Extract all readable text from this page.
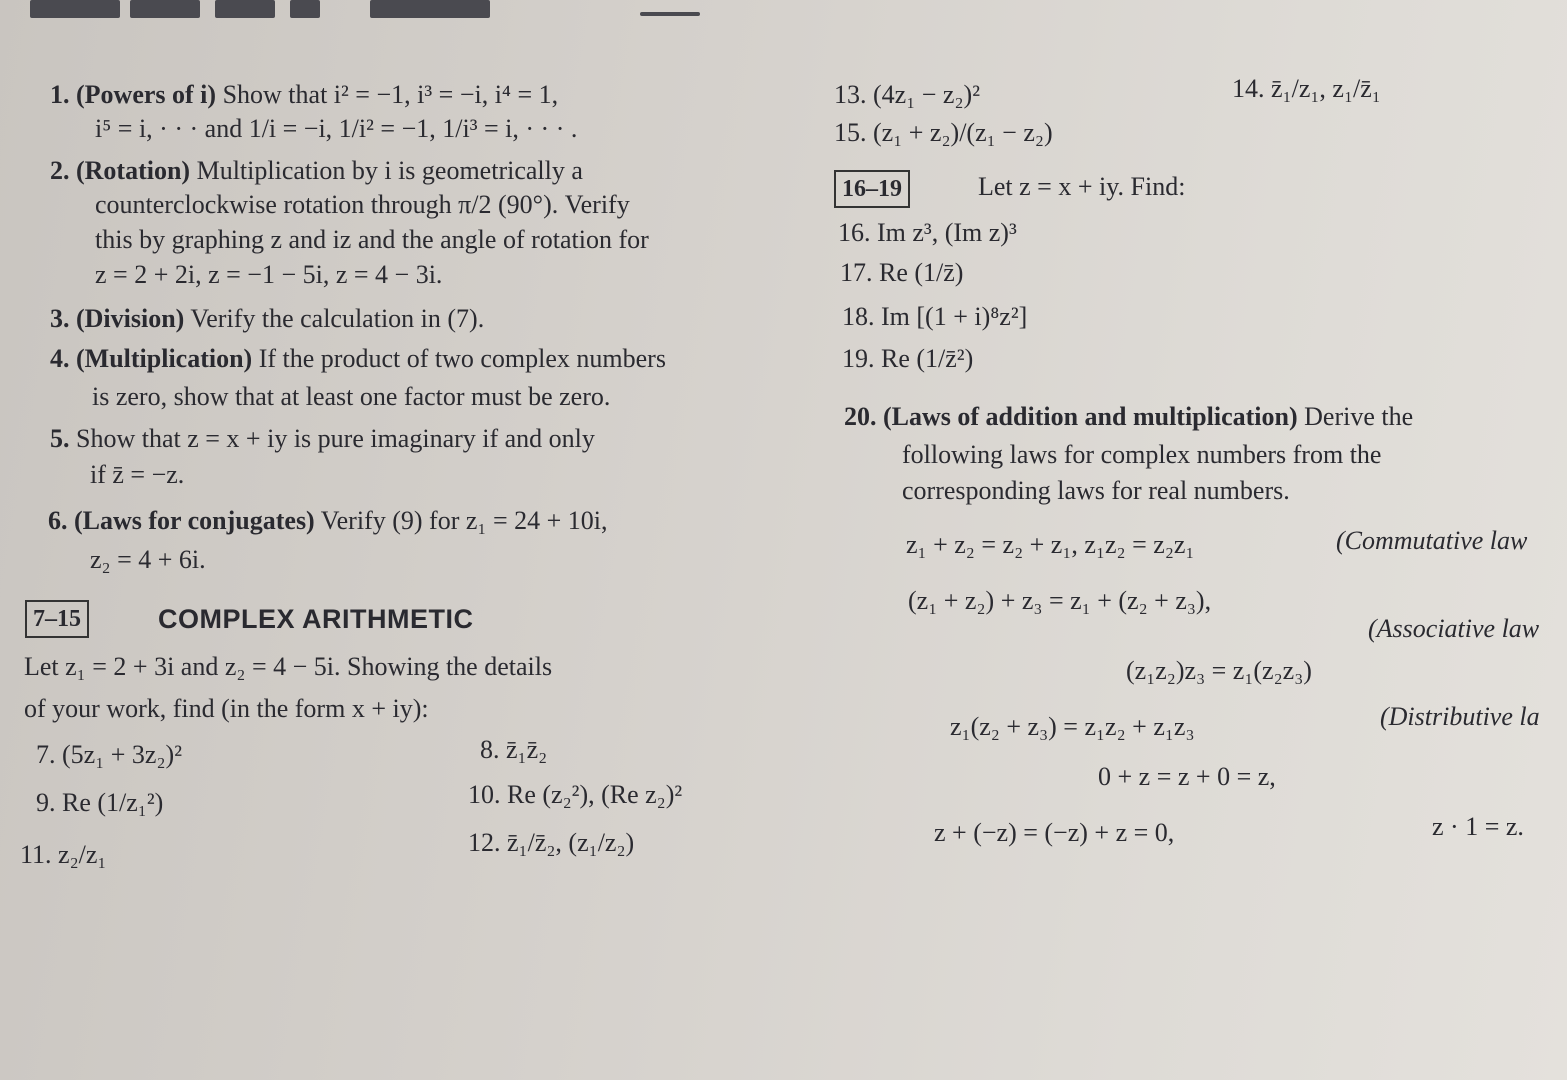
1. (Powers of i) Show that i² = −1, i³ = −i, i⁴ = 1,
i⁵ = i, · · · and 1/i = −i, 1/i² = −1, 1/i³ = i, · · · .
2. (Rotation) Multiplication by i is geometrically a
counterclockwise rotation through π/2 (90°). Verify
this by graphing z and iz and the angle of rotation for
z = 2 + 2i, z = −1 − 5i, z = 4 − 3i.
3. (Division) Verify the calculation in (7).
4. (Multiplication) If the product of two complex numbers
is zero, show that at least one factor must be zero.
5. Show that z = x + iy is pure imaginary if and only
if z̄ = −z.
6. (Laws for conjugates) Verify (9) for z₁ = 24 + 10i,
z₂ = 4 + 6i.
7–15	COMPLEX ARITHMETIC
Let z₁ = 2 + 3i and z₂ = 4 − 5i. Showing the details
of your work, find (in the form x + iy):
7. (5z₁ + 3z₂)²	8. z̄₁z̄₂
9. Re (1/z₁²)	10. Re (z₂²), (Re z₂)²
11. z₂/z₁	12. z̄₁/z̄₂, (z₁/z₂)
13. (4z₁ − z₂)²	14. z̄₁/z₁, z₁/z̄₁
15. (z₁ + z₂)/(z₁ − z₂)
16–19	Let z = x + iy. Find:
16. Im z³, (Im z)³
17. Re (1/z̄)
18. Im [(1 + i)⁸z²]
19. Re (1/z̄²)
20. (Laws of addition and multiplication) Derive the
following laws for complex numbers from the
corresponding laws for real numbers.
z₁ + z₂ = z₂ + z₁, z₁z₂ = z₂z₁	(Commutative law
(z₁ + z₂) + z₃ = z₁ + (z₂ + z₃),
(Associative law
(z₁z₂)z₃ = z₁(z₂z₃)
z₁(z₂ + z₃) = z₁z₂ + z₁z₃	(Distributive la
0 + z = z + 0 = z,
z + (−z) = (−z) + z = 0,	z · 1 = z.
